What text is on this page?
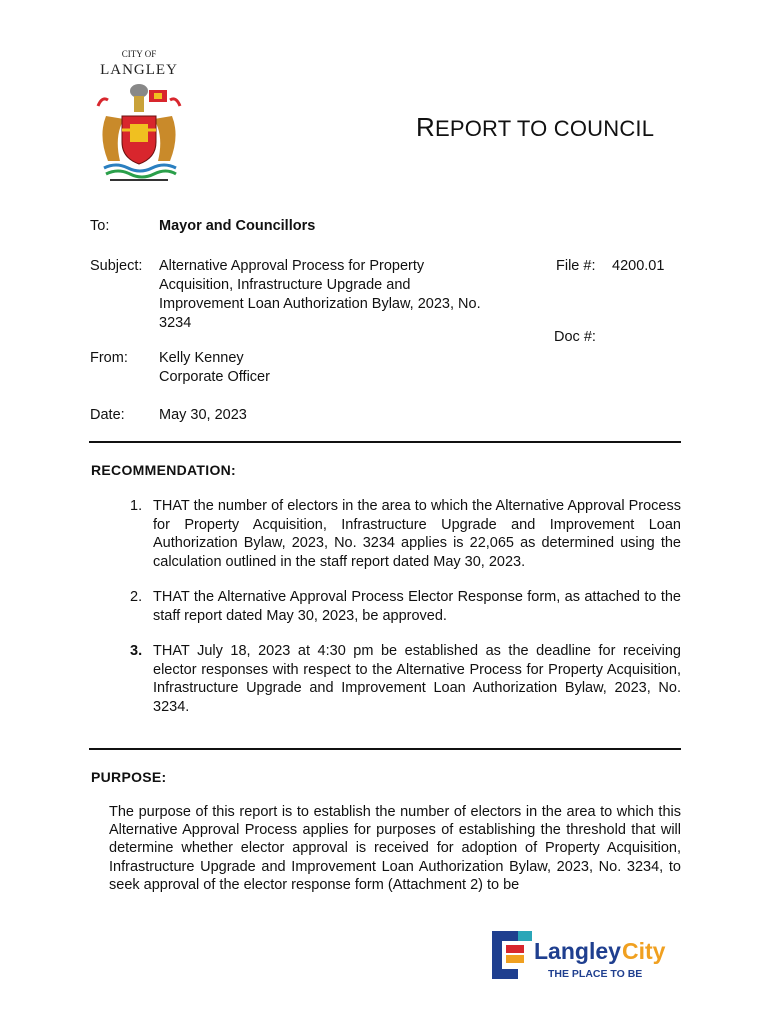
CITY OF
LANGLEY
REPORT TO COUNCIL
To:	Mayor and Councillors
Subject: Alternative Approval Process for Property
Acquisition, Infrastructure Upgrade and
Improvement Loan Authorization Bylaw, 2023, No.
3234
File #: 4200.01
Doc #:
From: Kelly Kenney
Corporate Officer
Date: May 30, 2023
RECOMMENDATION:
1. THAT the number of electors in the area to which the Alternative Approval Process for Property Acquisition, Infrastructure Upgrade and Improvement Loan Authorization Bylaw, 2023, No. 3234 applies is 22,065 as determined using the calculation outlined in the staff report dated May 30, 2023.
2. THAT the Alternative Approval Process Elector Response form, as attached to the staff report dated May 30, 2023, be approved.
3. THAT July 18, 2023 at 4:30 pm be established as the deadline for receiving elector responses with respect to the Alternative Process for Property Acquisition, Infrastructure Upgrade and Improvement Loan Authorization Bylaw, 2023, No. 3234.
PURPOSE:
The purpose of this report is to establish the number of electors in the area to which this Alternative Approval Process applies for purposes of establishing the threshold that will determine whether elector approval is received for adoption of Property Acquisition, Infrastructure Upgrade and Improvement Loan Authorization Bylaw, 2023, No. 3234, to seek approval of the elector response form (Attachment 2) to be
Langley City
THE PLACE TO BE
